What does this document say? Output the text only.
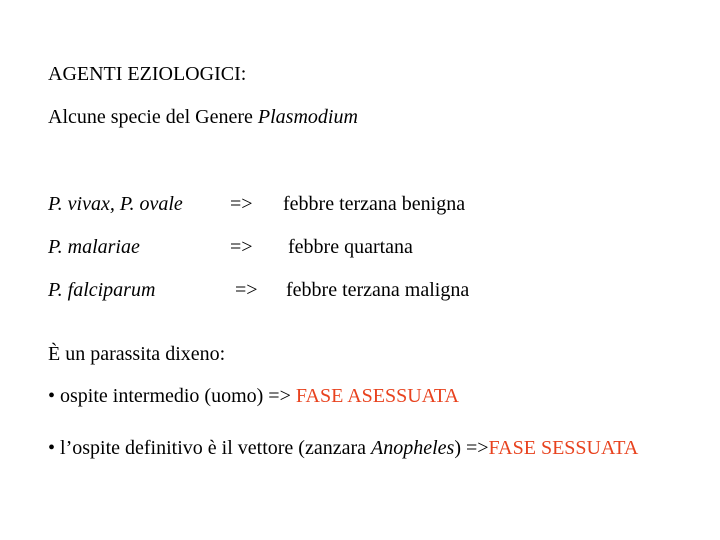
AGENTI EZIOLOGICI:
Alcune specie del Genere Plasmodium
P. vivax, P. ovale => febbre terzana benigna
P. malariae	=> febbre quartana
P. falciparum	=> febbre terzana maligna
È un parassita dixeno:
• ospite intermedio (uomo) => FASE ASESSUATA
• l’ospite definitivo è il vettore (zanzara Anopheles) =>FASE SESSUATA
